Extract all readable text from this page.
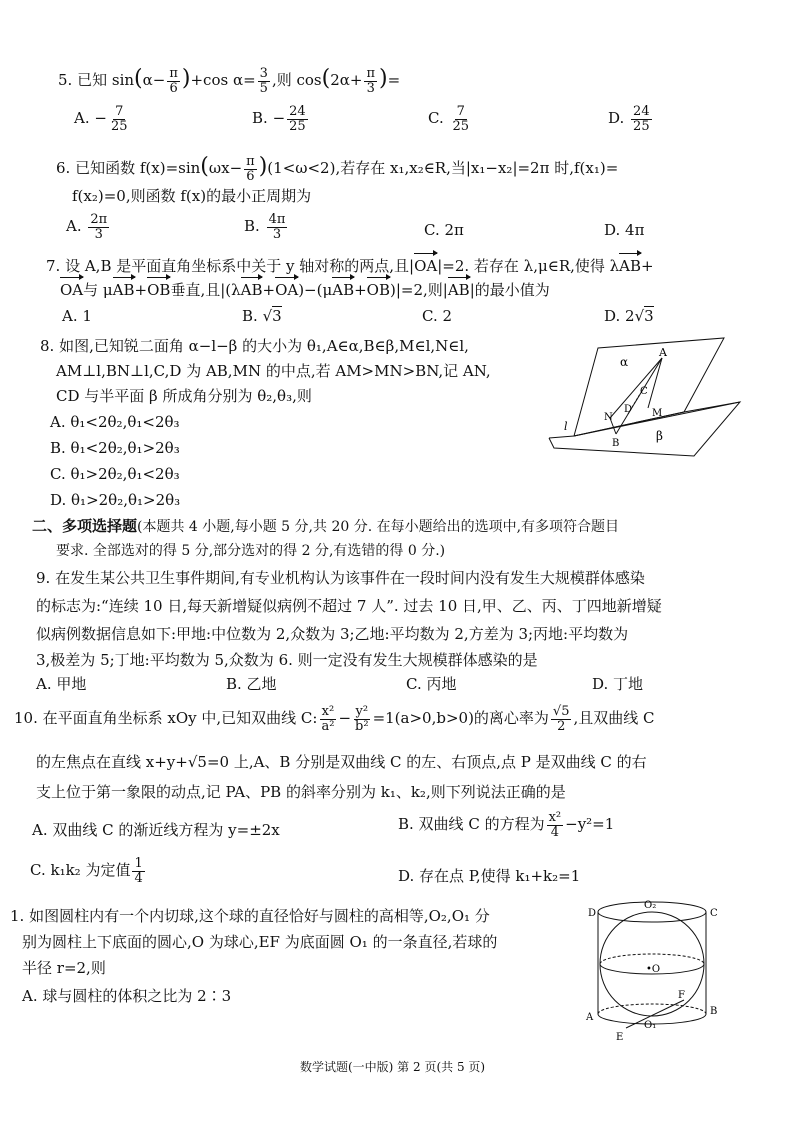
5. 已知 $\sin(\alpha- \frac{\pi}{6} )+\cos$ $\alpha= \frac{3}{5}$ ,则 $\cos(2\alpha+ \frac{\pi}{3}$ )=
A. − $\frac{7}{25}$	B. − $\frac{24}{25}$	C. $\frac{7}{25}$	D. $\frac{24}{25}$
6. 已知函数 $f(x)=\sin(\omega x- \frac{\pi}{6} )(1<\omega<2)$,若存在 x₁,x₂∈R,当|x₁−x₂|=2π 时,f(x₁)=
f(x₂)=0,则函数 f(x)的最小正周期为
A. $\frac{2\pi}{3}$	B. $\frac{4\pi}{3}$	C. 2π	D. 4π
7. 设 A,B 是平面直角坐标系中关于 y 轴对称的两点,且|OA|=2. 若存在 λ,μ∈R,使得 λAB+
OA与 μAB+OB垂直,且|(λAB+OA)−(μAB+OB)|=2,则|AB|的最小值为
A. 1	B. √3	C. 2	D. 2√3
8. 如图,已知锐二面角 α−l−β 的大小为 θ₁,A∈α,B∈β,M∈l,N∈l,
AM⊥l,BN⊥l,C,D 为 AB,MN 的中点,若 AM>MN>BN,记 AN,
CD 与半平面 β 所成角分别为 θ₂,θ₃,则
A. θ₁<2θ₂,θ₁<2θ₃
B. θ₁<2θ₂,θ₁>2θ₃
C. θ₁>2θ₂,θ₁<2θ₃
D. θ₁>2θ₂,θ₁>2θ₃
α
A
C
D M
N
B
l
β
二、多项选择题(本题共 4 小题,每小题 5 分,共 20 分. 在每小题给出的选项中,有多项符合题目
要求. 全部选对的得 5 分,部分选对的得 2 分,有选错的得 0 分.)
9. 在发生某公共卫生事件期间,有专业机构认为该事件在一段时间内没有发生大规模群体感染
的标志为:“连续 10 日,每天新增疑似病例不超过 7 人”. 过去 10 日,甲、乙、丙、丁四地新增疑
似病例数据信息如下:甲地:中位数为 2,众数为 3;乙地:平均数为 2,方差为 3;丙地:平均数为
3,极差为 5;丁地:平均数为 5,众数为 6. 则一定没有发生大规模群体感染的是
A. 甲地	B. 乙地	C. 丙地	D. 丁地
10. 在平面直角坐标系 xOy 中,已知双曲线 C: $\frac{\text{x²}}{\text{a²}} - \frac{\text{y²}}{\text{b²}} =1(a>0,b>0)$的离心率为 $\frac{√5}{2}$ ,且双曲线 C
的左焦点在直线 x+y+√5=0 上,A、B 分别是双曲线 C 的左、右顶点,点 P 是双曲线 C 的右
支上位于第一象限的动点,记 PA、PB 的斜率分别为 k₁、k₂,则下列说法正确的是
A. 双曲线 C 的渐近线方程为 y=±2x	B. 双曲线 C 的方程为 $\frac{\text{x²}}{4} -y^2=1$
C. k₁k₂ 为定值 $\frac{1}{4}$	D. 存在点 P,使得 k₁+k₂=1
1. 如图圆柱内有一个内切球,这个球的直径恰好与圆柱的高相等,O₂,O₁ 分
别为圆柱上下底面的圆心,O 为球心,EF 为底面圆 O₁ 的一条直径,若球的
半径 r=2,则
A. 球与圆柱的体积之比为 2∶3
D
O₂
C
•O
F
A
O₁
B
E
数学试题(一中版) 第 2 页(共 5 页)
